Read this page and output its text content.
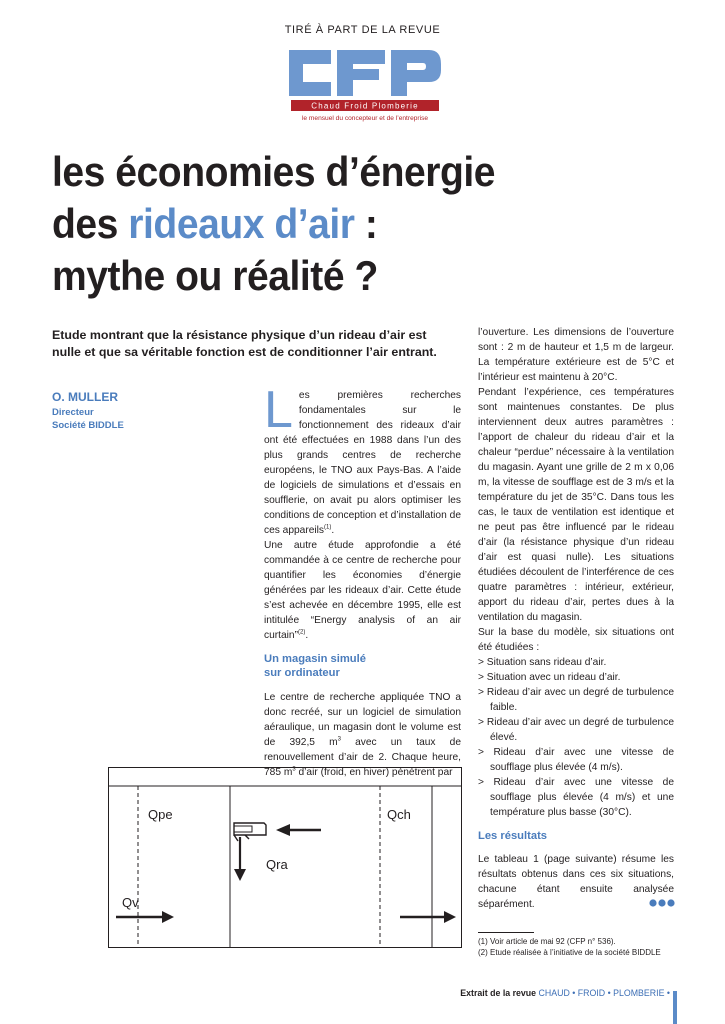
TIRÉ À PART DE LA REVUE
Chaud Froid Plomberie
le mensuel du concepteur et de l’entreprise
les économies d’énergie
des rideaux d’air :
mythe ou réalité ?
Etude montrant que la résistance physique d’un rideau d’air est nulle et que sa véritable fonction est de conditionner l’air entrant.
O. MULLER
Directeur
Société BIDDLE	Les premières recherches fondamentales sur le fonctionnement des rideaux d’air ont été effectuées en 1988 dans l’un des plus grands centres de recherche européens, le TNO aux Pays-Bas. A l’aide de logiciels de simulations et d’essais en soufflerie, on avait pu alors optimiser les conditions de conception et d’installation de ces appareils$^{(1)}$.

Une autre étude approfondie a été commandée à ce centre de recherche pour quantifier les économies d’énergie générées par les rideaux d’air. Cette étude s’est achevée en décembre 1995, elle est intitulée “Energy analysis of an air curtain”$^{(2)}$.

Un magasin simulé
sur ordinateur

Le centre de recherche appliquée TNO a donc recréé, sur un logiciel de simulation aéraulique, un magasin dont le volume est de 392,5 $m^3$ avec un taux de renouvellement d’air de 2. Chaque heure, 785 $m^3$ d’air (froid, en hiver) pénètrent par

l’ouverture. Les dimensions de l’ouverture sont : 2 m de hauteur et 1,5 m de largeur. La température extérieure est de 5°C et l’intérieur est maintenu à 20°C.

Pendant l’expérience, ces températures sont maintenues constantes. De plus interviennent deux autres paramètres : l’apport de chaleur du rideau d’air et la chaleur “perdue” nécessaire à la ventilation du magasin. Ayant une grille de 2 m x 0,06 m, la vitesse de soufflage est de 3 m/s et la température du jet de 35°C. Dans tous les cas, le taux de ventilation est identique et ne peut pas être influencé par le rideau d’air (la résistance physique d’un rideau d’air est quasi nulle). Les situations étudiées découlent de l’interférence de ces quatre paramètres : intérieur, extérieur, apport du rideau d’air, pertes dues à la ventilation du magasin.

Sur la base du modèle, six situations ont été étudiées :

> Situation sans rideau d’air.
> Situation avec un rideau d’air.
> Rideau d’air avec un degré de turbulence faible.
> Rideau d’air avec un degré de turbulence élevé.
> Rideau d’air avec une vitesse de soufflage plus élevée (4 m/s).
> Rideau d’air avec une vitesse de soufflage plus élevée (4 m/s) et une température plus basse (30°C).

Les résultats

Le tableau 1 (page suivante) résume les résultats obtenus dans ces six situations, chacune étant ensuite analysée séparément.

Qpe	Qch
Qra
Qv
(1) Voir article de mai 92 (CFP n° 536).
(2) Etude réalisée à l’initiative de la société BIDDLE
Extrait de la revue CHAUD • FROID • PLOMBERIE •
